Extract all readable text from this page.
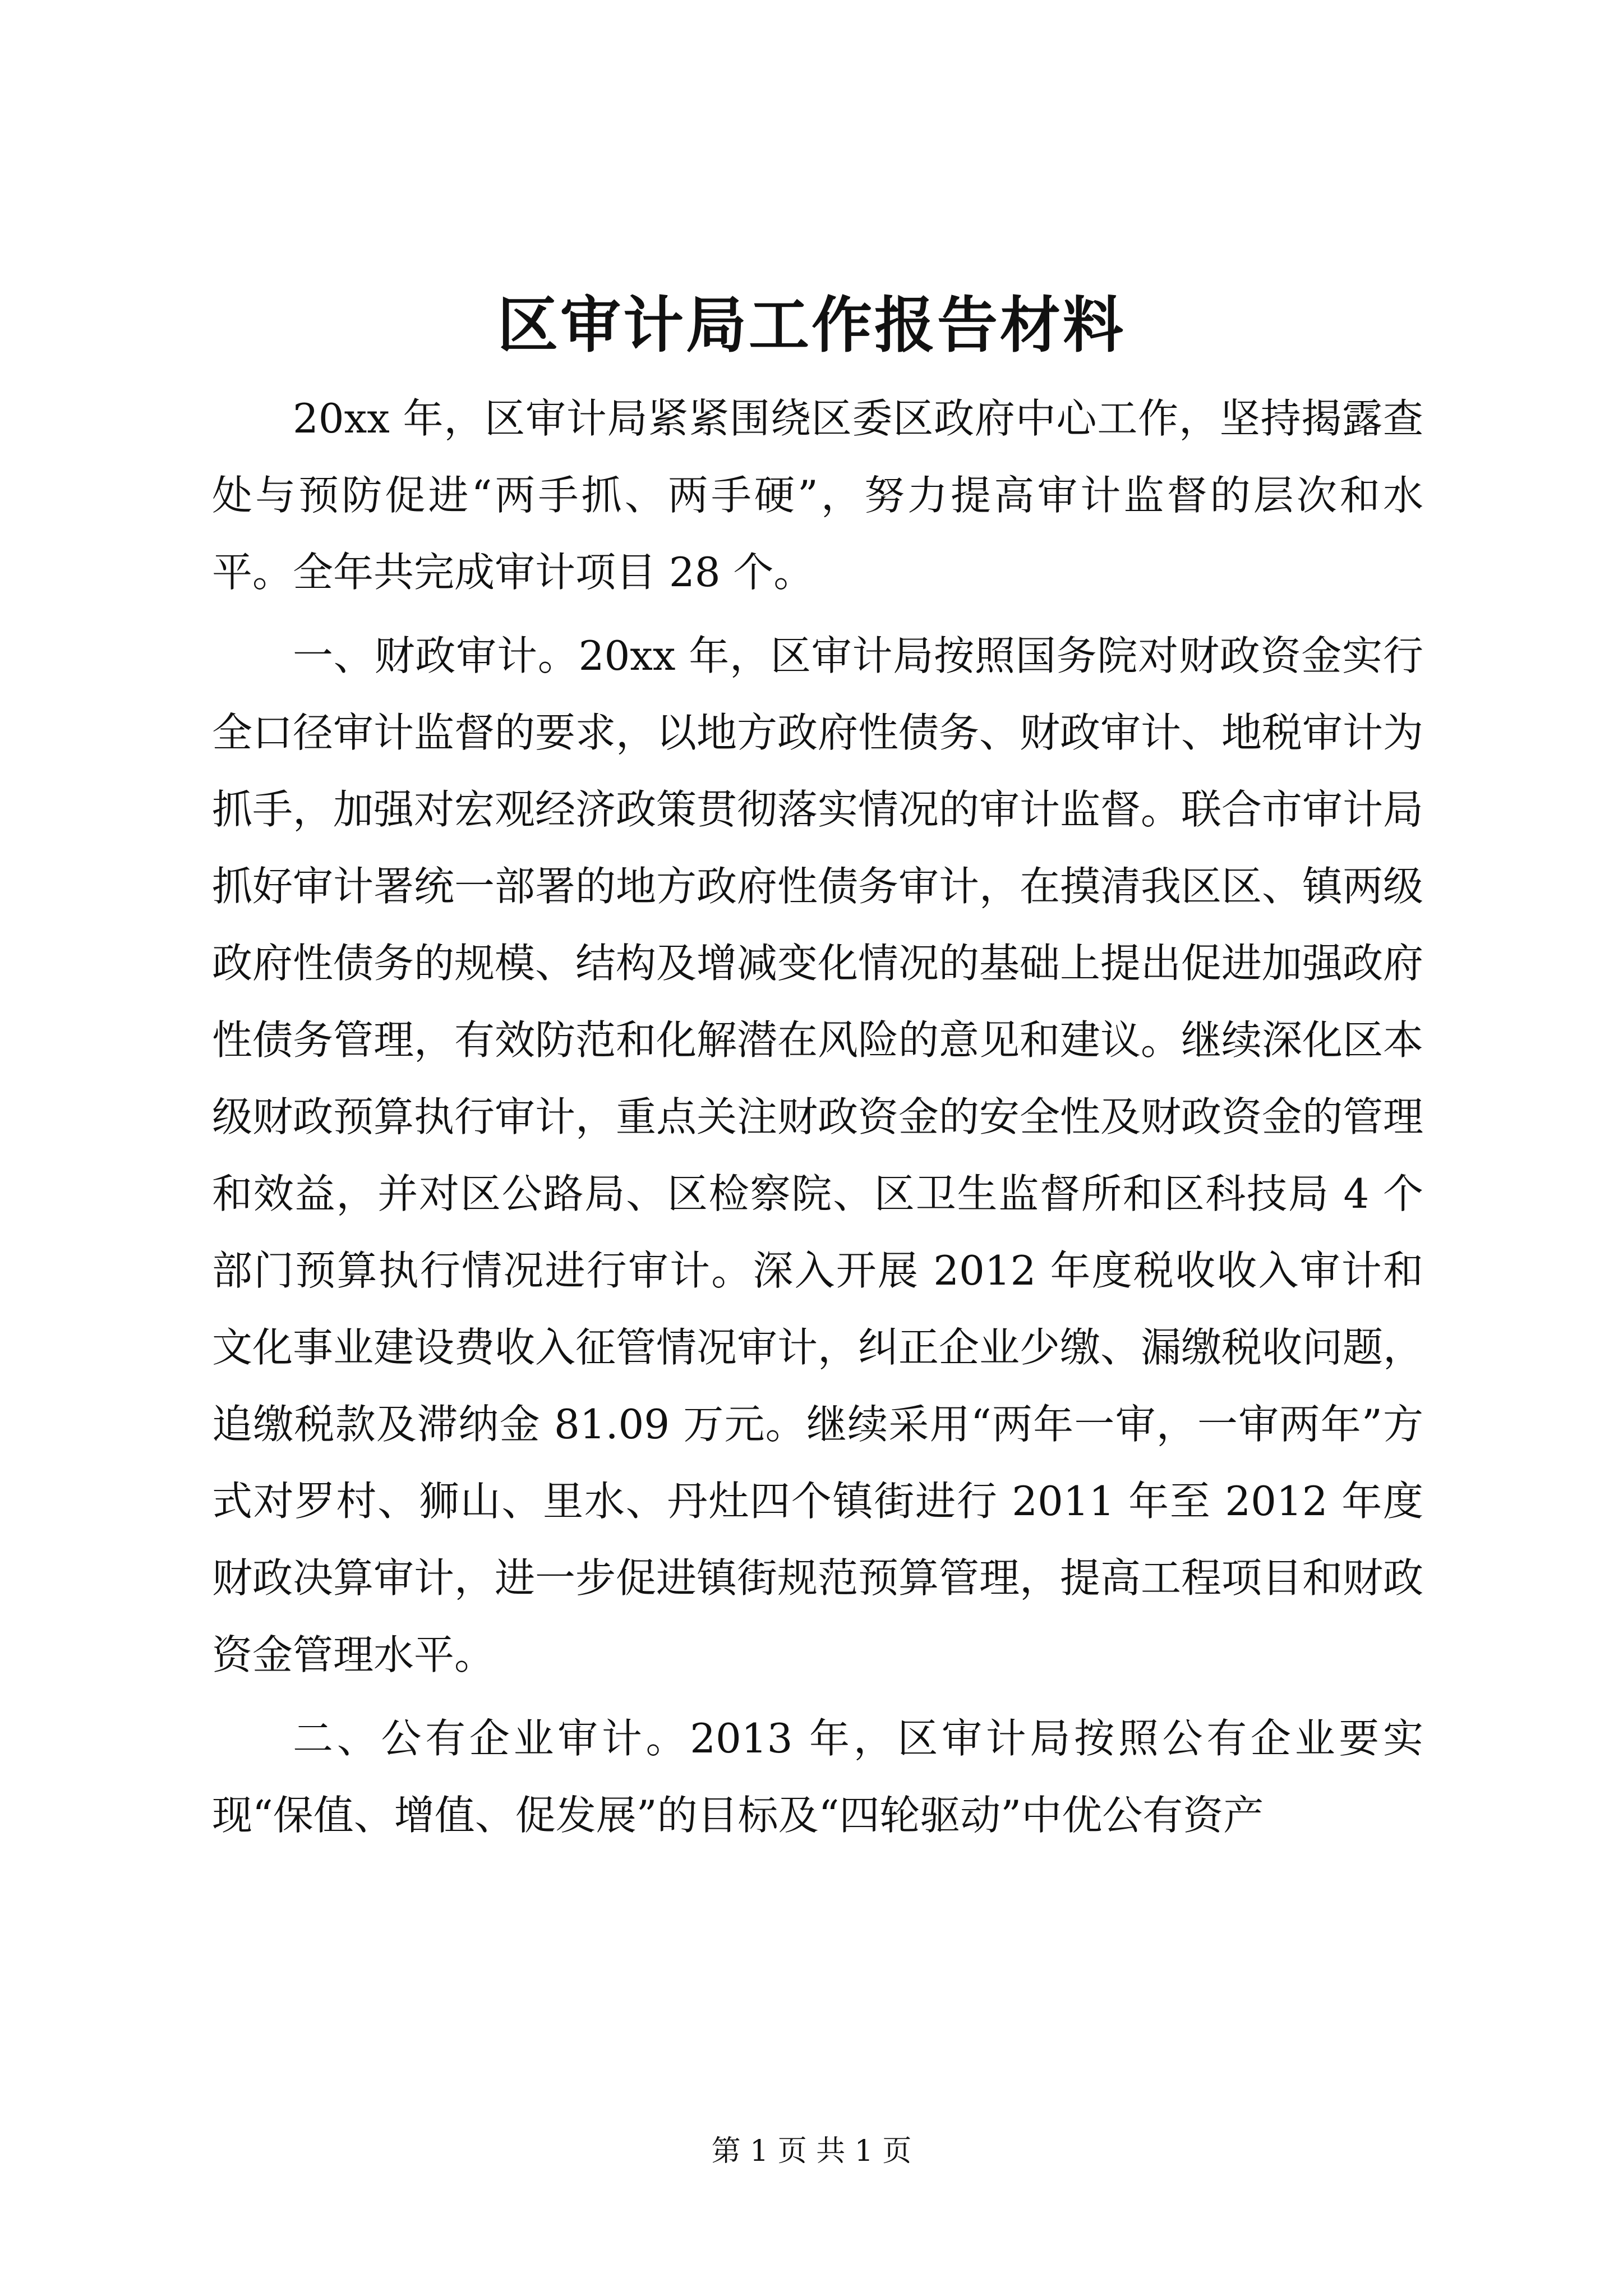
区审计局工作报告材料

20xx 年，区审计局紧紧围绕区委区政府中心工作，坚持揭露查处与预防促进“两手抓、两手硬”，努力提高审计监督的层次和水平。全年共完成审计项目 28 个。

一、财政审计。20xx 年，区审计局按照国务院对财政资金实行全口径审计监督的要求，以地方政府性债务、财政审计、地税审计为抓手，加强对宏观经济政策贯彻落实情况的审计监督。联合市审计局抓好审计署统一部署的地方政府性债务审计，在摸清我区区、镇两级政府性债务的规模、结构及增减变化情况的基础上提出促进加强政府性债务管理，有效防范和化解潜在风险的意见和建议。继续深化区本级财政预算执行审计，重点关注财政资金的安全性及财政资金的管理和效益，并对区公路局、区检察院、区卫生监督所和区科技局 4 个部门预算执行情况进行审计。深入开展 2012 年度税收收入审计和文化事业建设费收入征管情况审计，纠正企业少缴、漏缴税收问题，追缴税款及滞纳金 81.09 万元。继续采用“两年一审，一审两年”方式对罗村、狮山、里水、丹灶四个镇街进行 2011 年至 2012 年度财政决算审计，进一步促进镇街规范预算管理，提高工程项目和财政资金管理水平。

二、公有企业审计。2013 年，区审计局按照公有企业要实现“保值、增值、促发展”的目标及“四轮驱动”中优公有资产

第 1 页 共 1 页
